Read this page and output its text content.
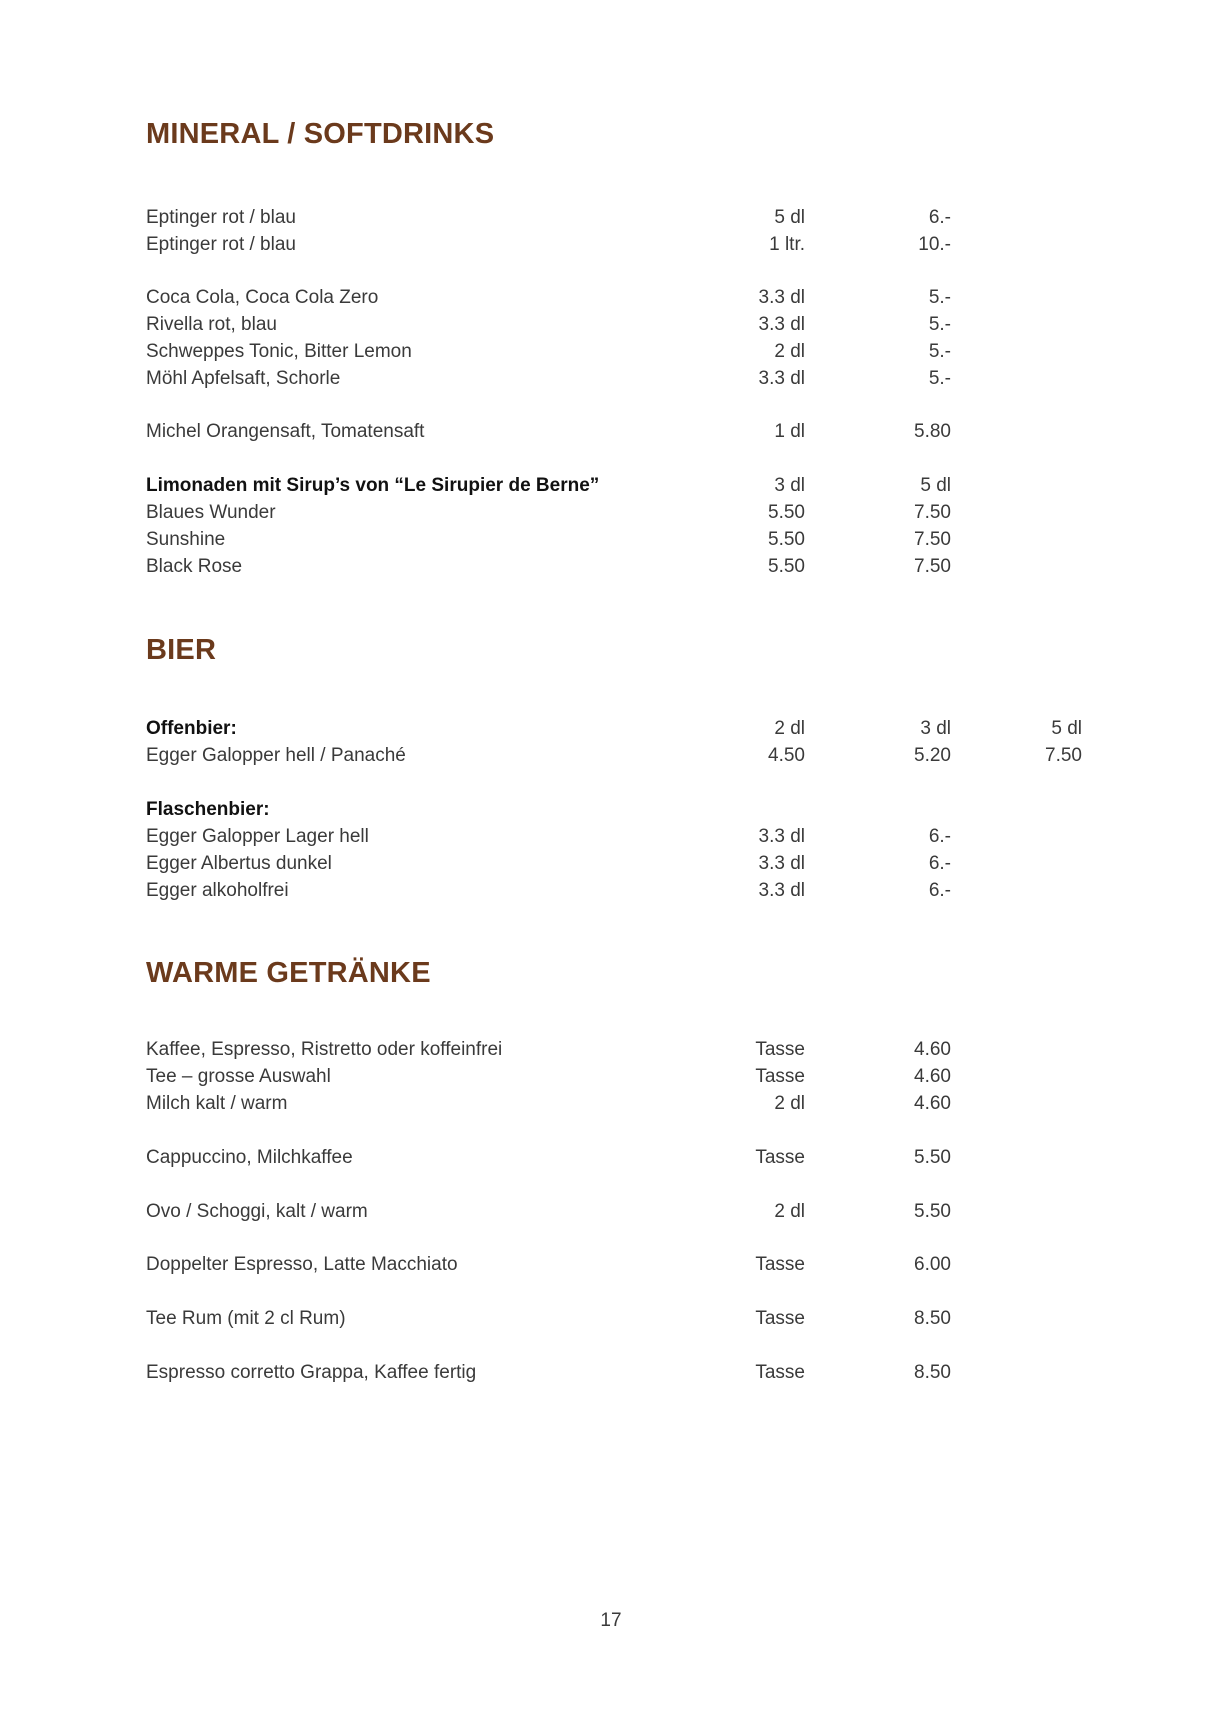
MINERAL / SOFTDRINKS
Eptinger rot / blau	5 dl	6.-
Eptinger rot / blau	1 ltr.	10.-
Coca Cola, Coca Cola Zero	3.3 dl	5.-
Rivella rot, blau	3.3 dl	5.-
Schweppes Tonic, Bitter Lemon	2 dl	5.-
Möhl Apfelsaft, Schorle	3.3 dl	5.-
Michel Orangensaft, Tomatensaft	1 dl	5.80
Limonaden mit Sirup’s von “Le Sirupier de Berne”	3 dl	5 dl
Blaues Wunder	5.50	7.50
Sunshine	5.50	7.50
Black Rose	5.50	7.50
BIER
Offenbier:	2 dl	3 dl	5 dl
Egger Galopper hell / Panaché	4.50	5.20	7.50
Flaschenbier:
Egger Galopper Lager hell	3.3 dl	6.-
Egger Albertus dunkel	3.3 dl	6.-
Egger alkoholfrei	3.3 dl	6.-
WARME GETRÄNKE
Kaffee, Espresso, Ristretto oder koffeinfrei	Tasse	4.60
Tee – grosse Auswahl	Tasse	4.60
Milch kalt / warm	2 dl	4.60
Cappuccino, Milchkaffee	Tasse	5.50
Ovo / Schoggi, kalt / warm	2 dl	5.50
Doppelter Espresso, Latte Macchiato	Tasse	6.00
Tee Rum (mit 2 cl Rum)	Tasse	8.50
Espresso corretto Grappa, Kaffee fertig	Tasse	8.50
17
